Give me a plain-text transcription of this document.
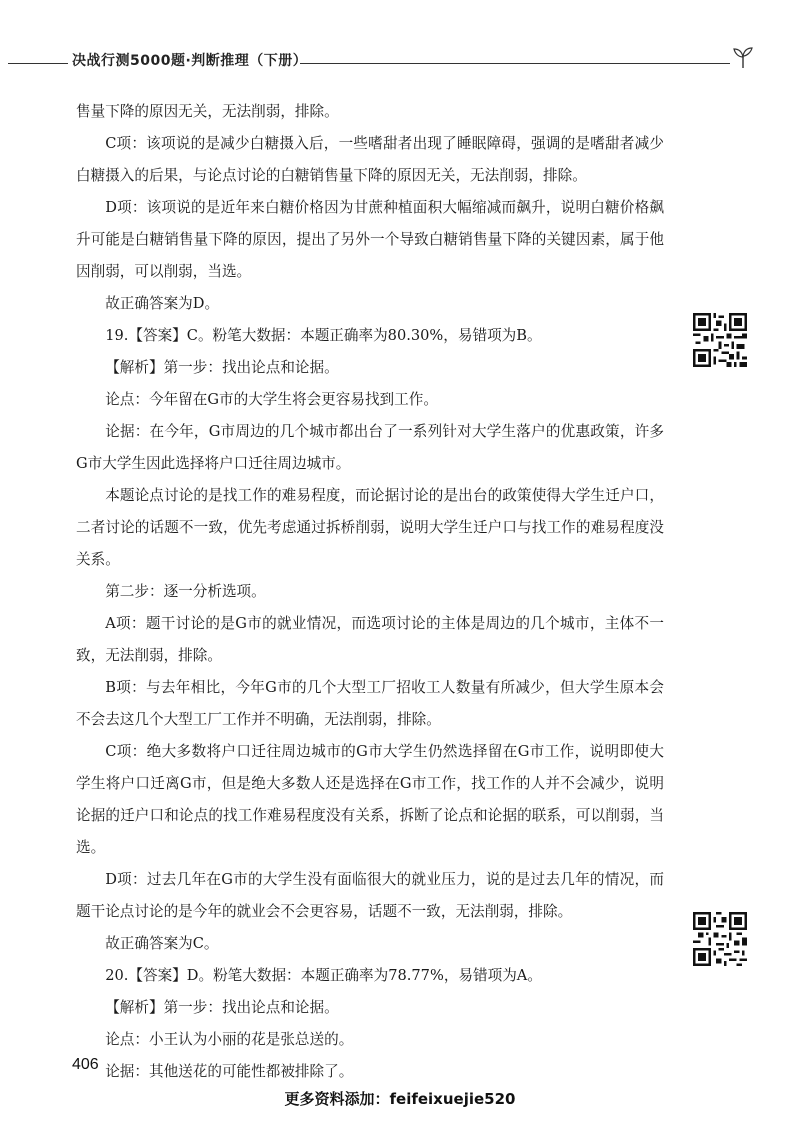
决战行测5000题·判断推理（下册）

售量下降的原因无关，无法削弱，排除。

C项：该项说的是减少白糖摄入后，一些嗜甜者出现了睡眠障碍，强调的是嗜甜者减少白糖摄入的后果，与论点讨论的白糖销售量下降的原因无关，无法削弱，排除。

D项：该项说的是近年来白糖价格因为甘蔗种植面积大幅缩减而飙升，说明白糖价格飙升可能是白糖销售量下降的原因，提出了另外一个导致白糖销售量下降的关键因素，属于他因削弱，可以削弱，当选。

故正确答案为D。

19.【答案】C。粉笔大数据：本题正确率为80.30%，易错项为B。

【解析】第一步：找出论点和论据。

论点：今年留在G市的大学生将会更容易找到工作。

论据：在今年，G市周边的几个城市都出台了一系列针对大学生落户的优惠政策，许多G市大学生因此选择将户口迁往周边城市。

本题论点讨论的是找工作的难易程度，而论据讨论的是出台的政策使得大学生迁户口，二者讨论的话题不一致，优先考虑通过拆桥削弱，说明大学生迁户口与找工作的难易程度没关系。

第二步：逐一分析选项。

A项：题干讨论的是G市的就业情况，而选项讨论的主体是周边的几个城市，主体不一致，无法削弱，排除。

B项：与去年相比，今年G市的几个大型工厂招收工人数量有所减少，但大学生原本会不会去这几个大型工厂工作并不明确，无法削弱，排除。

C项：绝大多数将户口迁往周边城市的G市大学生仍然选择留在G市工作，说明即使大学生将户口迁离G市，但是绝大多数人还是选择在G市工作，找工作的人并不会减少，说明论据的迁户口和论点的找工作难易程度没有关系，拆断了论点和论据的联系，可以削弱，当选。

D项：过去几年在G市的大学生没有面临很大的就业压力，说的是过去几年的情况，而题干论点讨论的是今年的就业会不会更容易，话题不一致，无法削弱，排除。

故正确答案为C。

20.【答案】D。粉笔大数据：本题正确率为78.77%，易错项为A。

【解析】第一步：找出论点和论据。

论点：小王认为小丽的花是张总送的。

论据：其他送花的可能性都被排除了。

406
更多资料添加：feifeixuejie520
